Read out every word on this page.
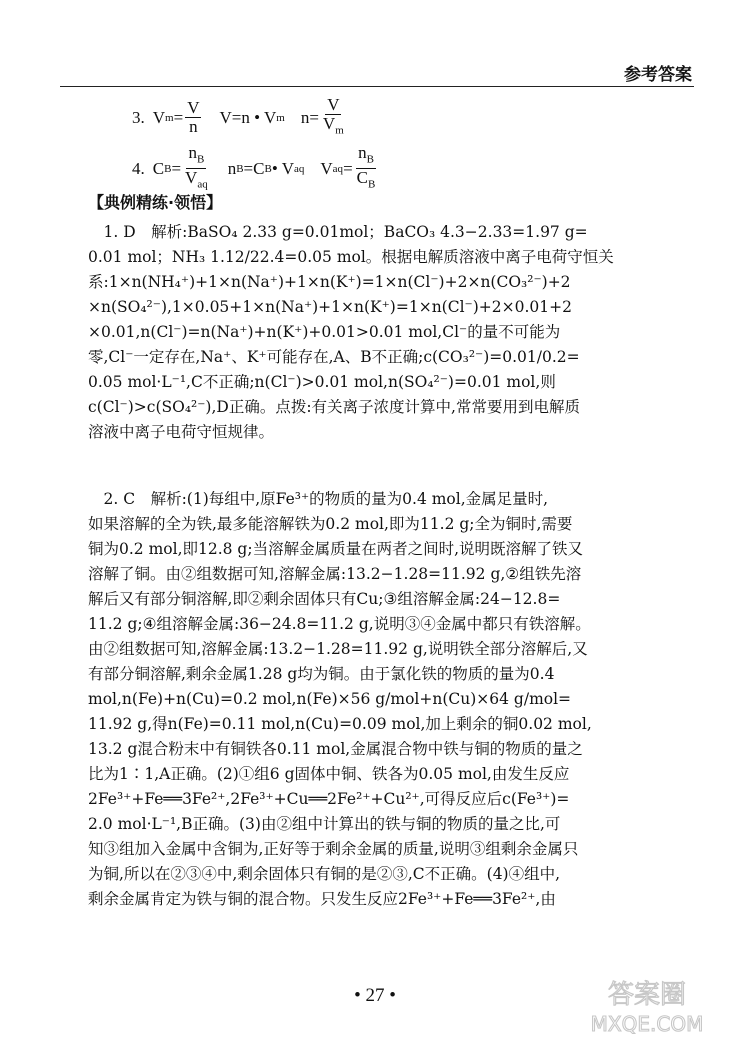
参考答案
3. V $m = \frac{V}{n} V=n$ • V m $n= \frac{V}{V_m}$
4. C $B = \frac{n_B}{V_{aq}}$ n B =C B • V aq V aq = $\frac{n_B}{C_B}$
【典例精练·领悟】

　1. D　解析:BaSO₄ 2.33 g=0.01mol；BaCO₃ 4.3−2.33=1.97 g=

0.01 mol；NH₃ 1.12/22.4=0.05 mol。根据电解质溶液中离子电荷守恒关

系:1×n(NH₄⁺)+1×n(Na⁺)+1×n(K⁺)=1×n(Cl⁻)+2×n(CO₃²⁻)+2

×n(SO₄²⁻),1×0.05+1×n(Na⁺)+1×n(K⁺)=1×n(Cl⁻)+2×0.01+2

×0.01,n(Cl⁻)=n(Na⁺)+n(K⁺)+0.01>0.01 mol,Cl⁻的量不可能为

零,Cl⁻一定存在,Na⁺、K⁺可能存在,A、B不正确;c(CO₃²⁻)=0.01/0.2=

0.05 mol·L⁻¹,C不正确;n(Cl⁻)>0.01 mol,n(SO₄²⁻)=0.01 mol,则

c(Cl⁻)>c(SO₄²⁻),D正确。点拨:有关离子浓度计算中,常常要用到电解质

溶液中离子电荷守恒规律。

　2. C　解析:(1)每组中,原Fe³⁺的物质的量为0.4 mol,金属足量时,

如果溶解的全为铁,最多能溶解铁为0.2 mol,即为11.2 g;全为铜时,需要

铜为0.2 mol,即12.8 g;当溶解金属质量在两者之间时,说明既溶解了铁又

溶解了铜。由②组数据可知,溶解金属:13.2−1.28=11.92 g,②组铁先溶

解后又有部分铜溶解,即②剩余固体只有Cu;③组溶解金属:24−12.8=

11.2 g;④组溶解金属:36−24.8=11.2 g,说明③④金属中都只有铁溶解。

由②组数据可知,溶解金属:13.2−1.28=11.92 g,说明铁全部分溶解后,又

有部分铜溶解,剩余金属1.28 g均为铜。由于氯化铁的物质的量为0.4

mol,n(Fe)+n(Cu)=0.2 mol,n(Fe)×56 g/mol+n(Cu)×64 g/mol=

11.92 g,得n(Fe)=0.11 mol,n(Cu)=0.09 mol,加上剩余的铜0.02 mol,

13.2 g混合粉末中有铜铁各0.11 mol,金属混合物中铁与铜的物质的量之

比为1∶1,A正确。(2)①组6 g固体中铜、铁各为0.05 mol,由发生反应

2Fe³⁺+Fe══3Fe²⁺,2Fe³⁺+Cu══2Fe²⁺+Cu²⁺,可得反应后c(Fe³⁺)=

2.0 mol·L⁻¹,B正确。(3)由②组中计算出的铁与铜的物质的量之比,可

知③组加入金属中含铜为,正好等于剩余金属的质量,说明③组剩余金属只

为铜,所以在②③④中,剩余固体只有铜的是②③,C不正确。(4)④组中,

剩余金属肯定为铁与铜的混合物。只发生反应2Fe³⁺+Fe══3Fe²⁺,由

• 27 •	答案圈
MXQE.COM
